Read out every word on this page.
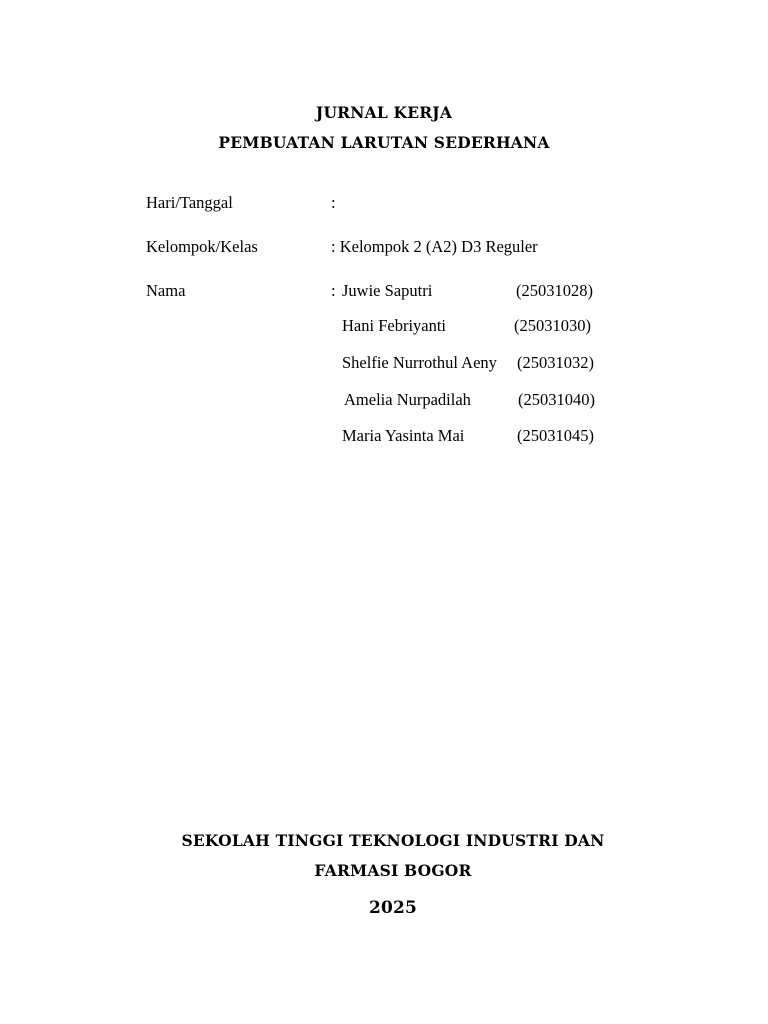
JURNAL KERJA
PEMBUATAN LARUTAN SEDERHANA
Hari/Tanggal	:
Kelompok/Kelas	: Kelompok 2 (A2) D3 Reguler
Nama	: Juwie Saputri	(25031028)
Hani Febriyanti	(25031030)
Shelfie Nurrothul Aeny (25031032)
Amelia Nurpadilah	(25031040)
Maria Yasinta Mai	(25031045)
SEKOLAH TINGGI TEKNOLOGI INDUSTRI DAN
FARMASI BOGOR
2025
